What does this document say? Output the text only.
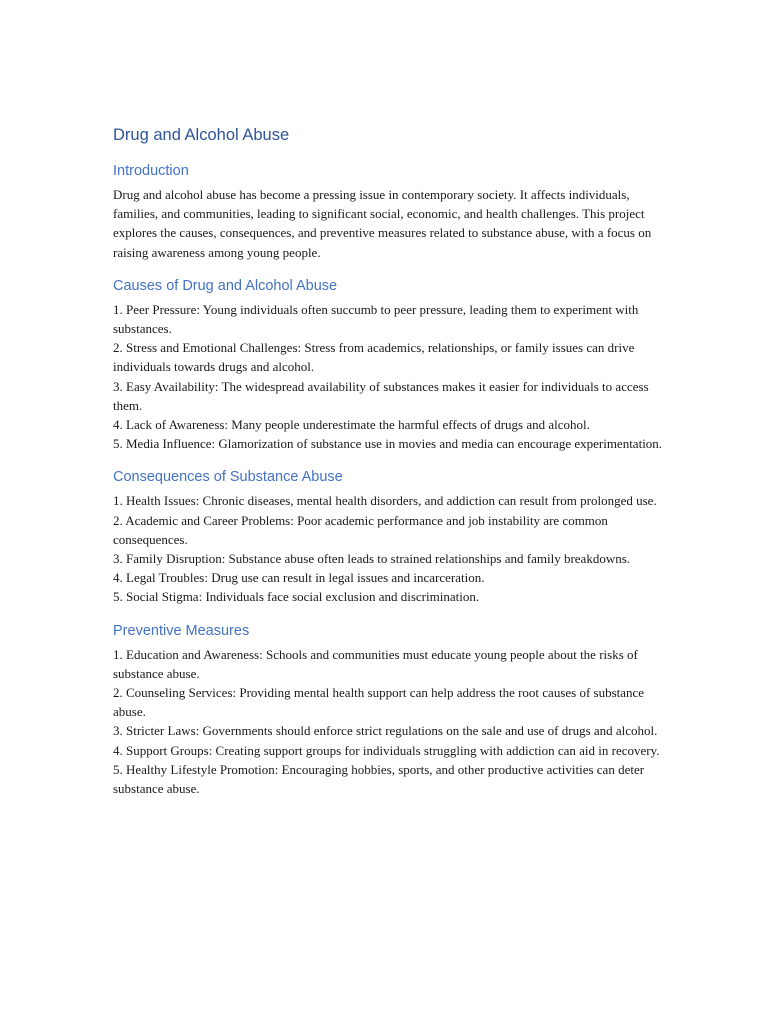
Drug and Alcohol Abuse
Introduction

Drug and alcohol abuse has become a pressing issue in contemporary society. It affects individuals, families, and communities, leading to significant social, economic, and health challenges. This project explores the causes, consequences, and preventive measures related to substance abuse, with a focus on raising awareness among young people.

Causes of Drug and Alcohol Abuse

1. Peer Pressure: Young individuals often succumb to peer pressure, leading them to experiment with substances.

2. Stress and Emotional Challenges: Stress from academics, relationships, or family issues can drive individuals towards drugs and alcohol.

3. Easy Availability: The widespread availability of substances makes it easier for individuals to access them.

4. Lack of Awareness: Many people underestimate the harmful effects of drugs and alcohol.

5. Media Influence: Glamorization of substance use in movies and media can encourage experimentation.

Consequences of Substance Abuse

1. Health Issues: Chronic diseases, mental health disorders, and addiction can result from prolonged use.

2. Academic and Career Problems: Poor academic performance and job instability are common consequences.

3. Family Disruption: Substance abuse often leads to strained relationships and family breakdowns.

4. Legal Troubles: Drug use can result in legal issues and incarceration.

5. Social Stigma: Individuals face social exclusion and discrimination.

Preventive Measures

1. Education and Awareness: Schools and communities must educate young people about the risks of substance abuse.

2. Counseling Services: Providing mental health support can help address the root causes of substance abuse.

3. Stricter Laws: Governments should enforce strict regulations on the sale and use of drugs and alcohol.

4. Support Groups: Creating support groups for individuals struggling with addiction can aid in recovery.

5. Healthy Lifestyle Promotion: Encouraging hobbies, sports, and other productive activities can deter substance abuse.
